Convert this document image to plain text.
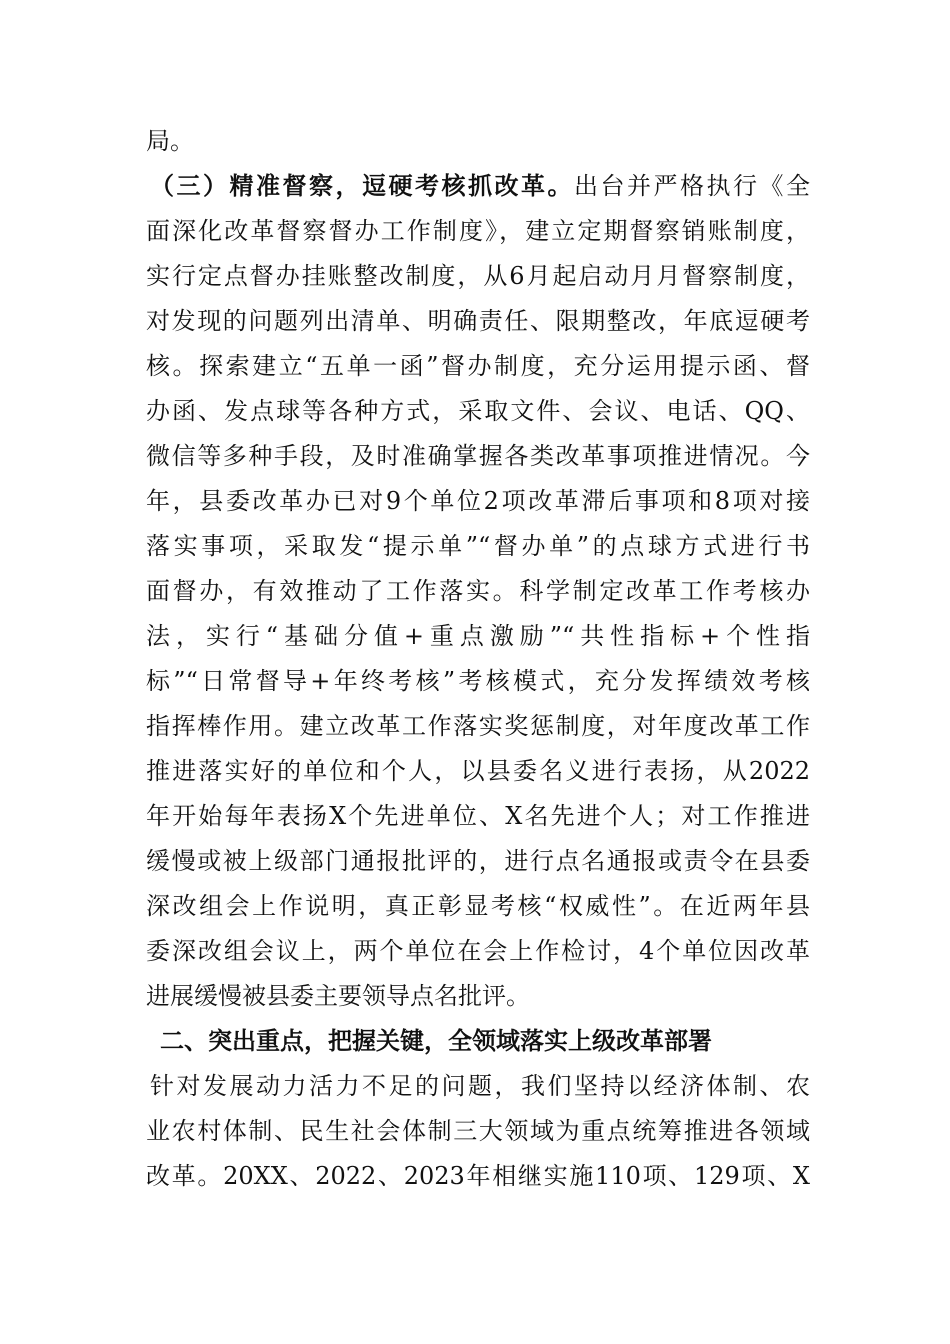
局。
（三）精准督察，逗硬考核抓改革。出台并严格执行《全
面深化改革督察督办工作制度》，建立定期督察销账制度，
实行定点督办挂账整改制度，从6月起启动月月督察制度，
对发现的问题列出清单、明确责任、限期整改，年底逗硬考
核。探索建立“五单一函”督办制度，充分运用提示函、督
办函、发点球等各种方式，采取文件、会议、电话、QQ、
微信等多种手段，及时准确掌握各类改革事项推进情况。今
年，县委改革办已对9个单位2项改革滞后事项和8项对接
落实事项，采取发“提示单”“督办单”的点球方式进行书
面督办，有效推动了工作落实。科学制定改革工作考核办
法，实行“基础分值+重点激励”“共性指标+个性指
标”“日常督导+年终考核”考核模式，充分发挥绩效考核
指挥棒作用。建立改革工作落实奖惩制度，对年度改革工作
推进落实好的单位和个人，以县委名义进行表扬，从2022
年开始每年表扬X个先进单位、X名先进个人；对工作推进
缓慢或被上级部门通报批评的，进行点名通报或责令在县委
深改组会上作说明，真正彰显考核“权威性”。在近两年县
委深改组会议上，两个单位在会上作检讨，4个单位因改革
进展缓慢被县委主要领导点名批评。
二、突出重点，把握关键，全领域落实上级改革部署
针对发展动力活力不足的问题，我们坚持以经济体制、农
业农村体制、民生社会体制三大领域为重点统筹推进各领域
改革。20XX、2022、2023年相继实施110项、129项、X
